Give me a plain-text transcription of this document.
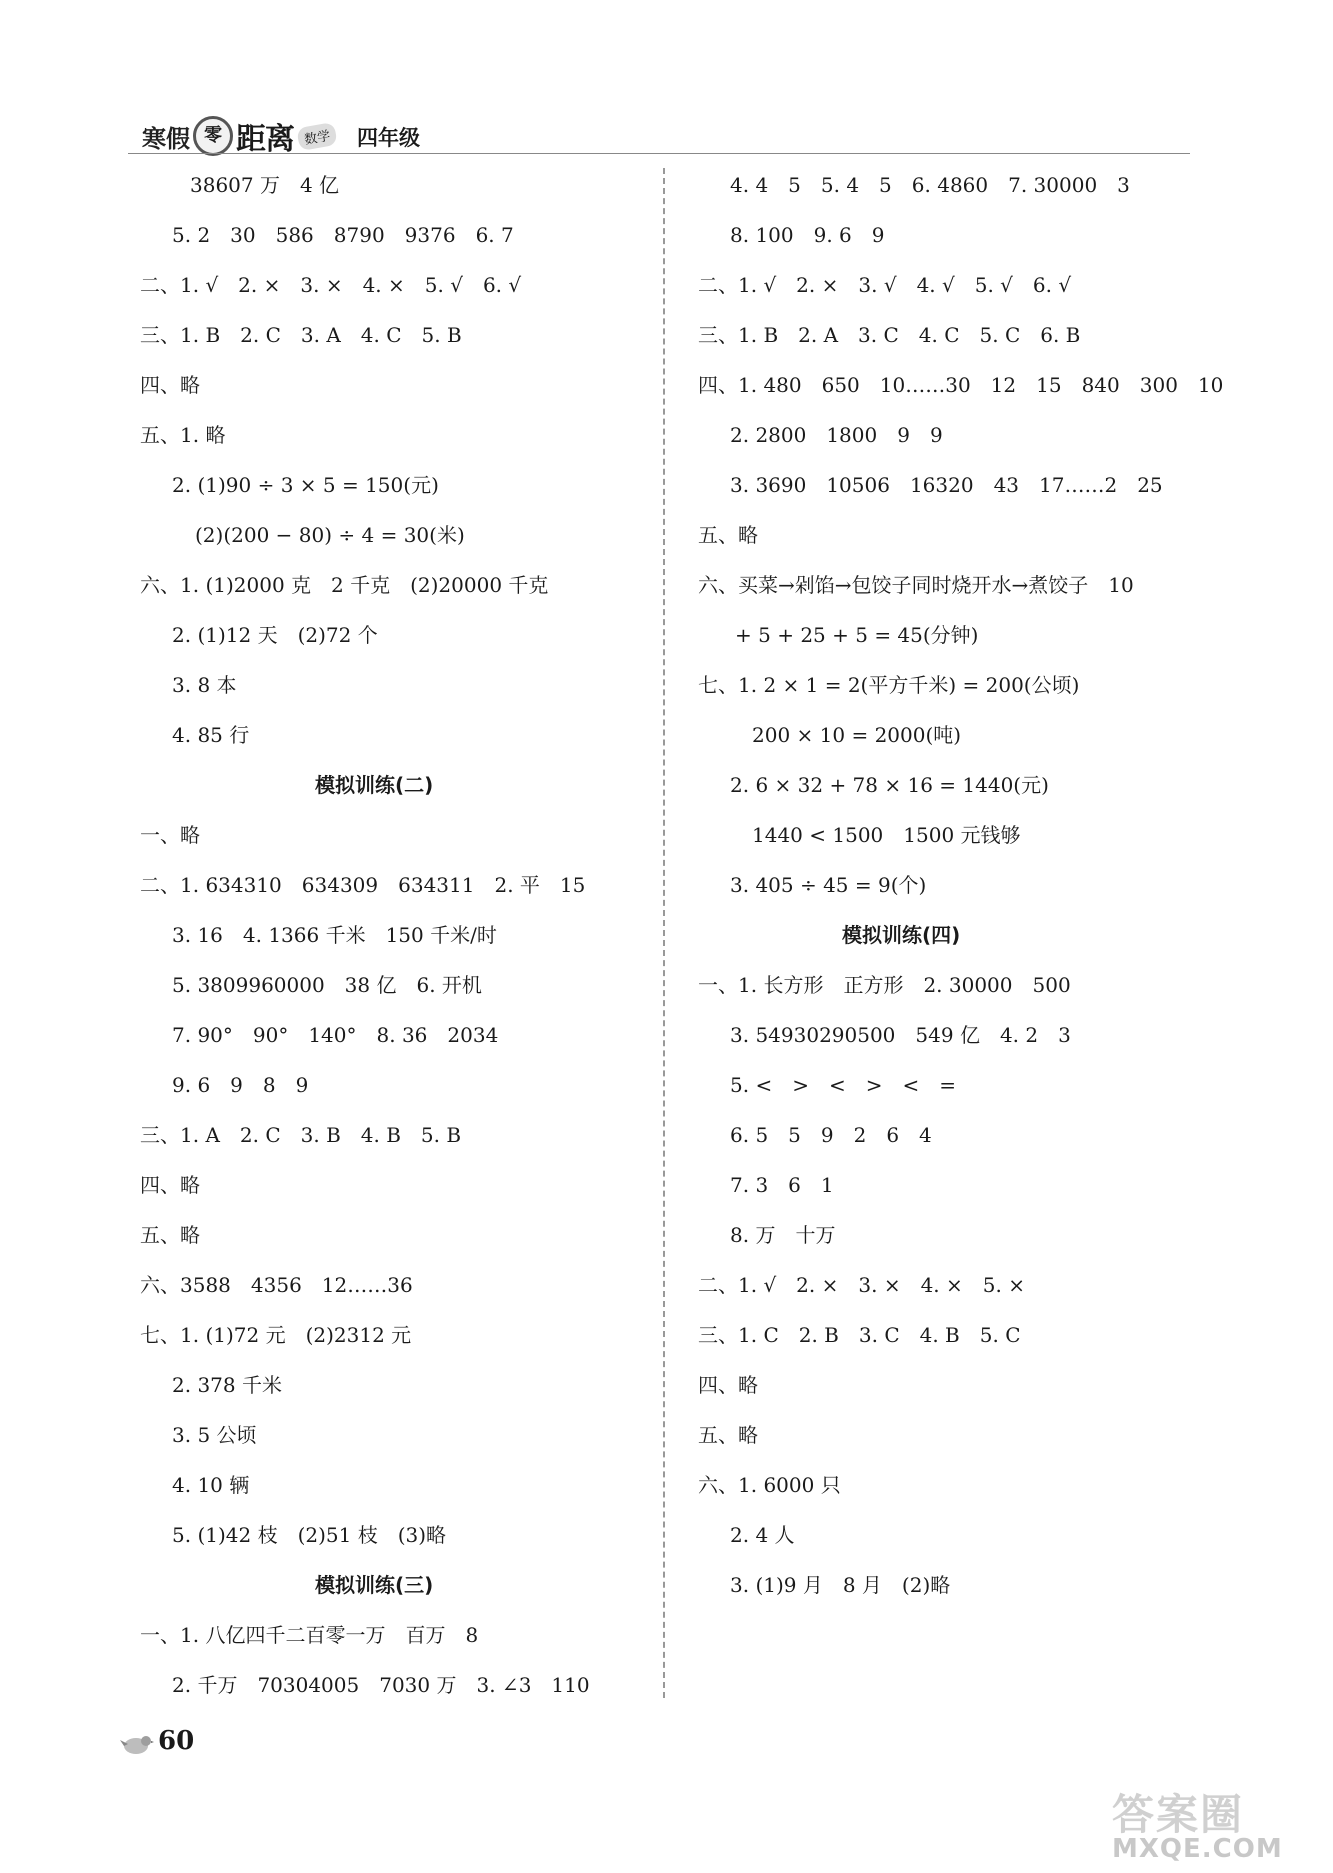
寒假 零 距离 数学 四年级
38607 万　4 亿
5. 2　30　586　8790　9376　6. 7
二、1. √　2. ×　3. ×　4. ×　5. √　6. √
三、1. B　2. C　3. A　4. C　5. B
四、略
五、1. 略
2. (1)90 ÷ 3 × 5 = 150(元)
(2)(200 − 80) ÷ 4 = 30(米)
六、1. (1)2000 克　2 千克　(2)20000 千克
2. (1)12 天　(2)72 个
3. 8 本
4. 85 行
模拟训练(二)
一、略
二、1. 634310　634309　634311　2. 平　15
3. 16　4. 1366 千米　150 千米/时
5. 3809960000　38 亿　6. 开机
7. 90°　90°　140°　8. 36　2034
9. 6　9　8　9
三、1. A　2. C　3. B　4. B　5. B
四、略
五、略
六、3588　4356　12……36
七、1. (1)72 元　(2)2312 元
2. 378 千米
3. 5 公顷
4. 10 辆
5. (1)42 枝　(2)51 枝　(3)略
模拟训练(三)
一、1. 八亿四千二百零一万　百万　8
2. 千万　70304005　7030 万　3. ∠3　110
4. 4　5　5. 4　5　6. 4860　7. 30000　3
8. 100　9. 6　9
二、1. √　2. ×　3. √　4. √　5. √　6. √
三、1. B　2. A　3. C　4. C　5. C　6. B
四、1. 480　650　10……30　12　15　840　300　10
2. 2800　1800　9　9
3. 3690　10506　16320　43　17……2　25
五、略
六、买菜→剁馅→包饺子同时烧开水→煮饺子　10
+ 5 + 25 + 5 = 45(分钟)
七、1. 2 × 1 = 2(平方千米) = 200(公顷)
200 × 10 = 2000(吨)
2. 6 × 32 + 78 × 16 = 1440(元)
1440 < 1500　1500 元钱够
3. 405 ÷ 45 = 9(个)
模拟训练(四)
一、1. 长方形　正方形　2. 30000　500
3. 54930290500　549 亿　4. 2　3
5. <　>　<　>　<　=
6. 5　5　9　2　6　4
7. 3　6　1
8. 万　十万
二、1. √　2. ×　3. ×　4. ×　5. ×
三、1. C　2. B　3. C　4. B　5. C
四、略
五、略
六、1. 6000 只
2. 4 人
3. (1)9 月　8 月　(2)略
60
答案圈
MXQE.COM
